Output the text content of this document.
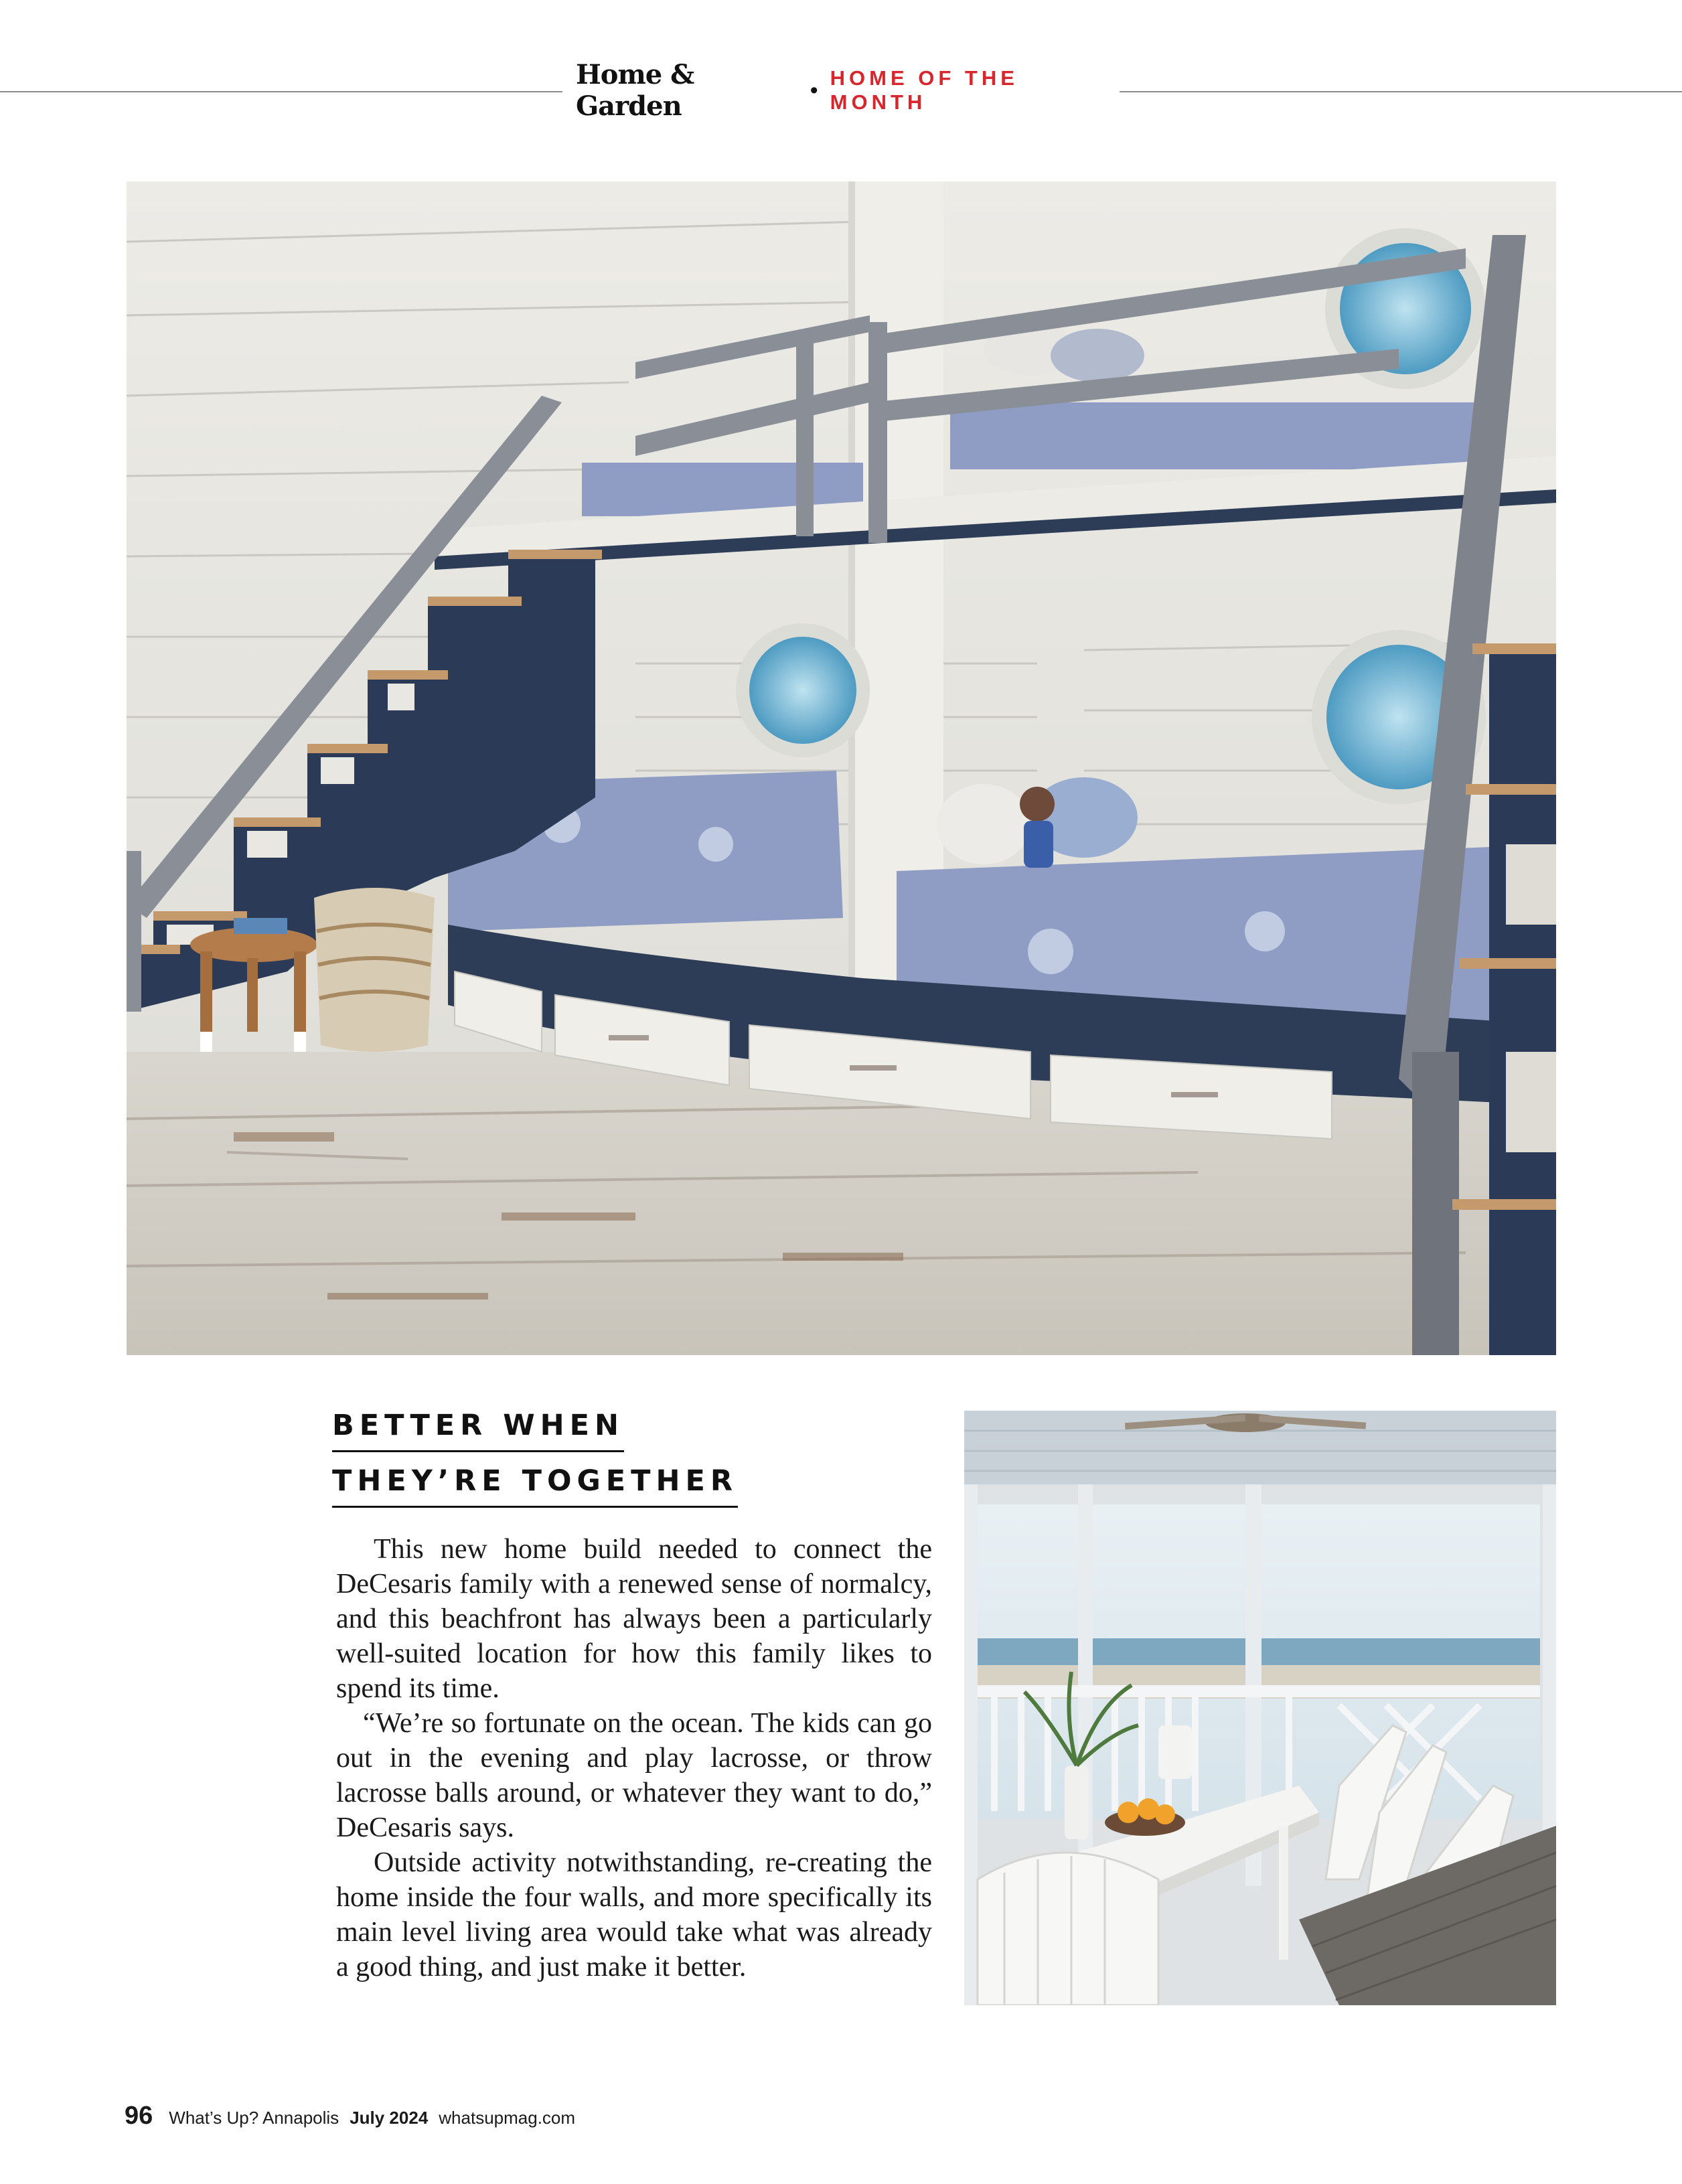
Home & Garden
• HOME OF THE MONTH
BETTER WHEN
THEY’RE TOGETHER

This new home build needed to connect the DeCesaris family with a renewed sense of normalcy, and this beachfront has always been a particularly well-suited location for how this family likes to spend its time.

“We’re so fortunate on the ocean. The kids can go out in the evening and play lacrosse, or throw lacrosse balls around, or whatever they want to do,” DeCesaris says.

Outside activity notwithstanding, re-creating the home inside the four walls, and more specifically its main level living area would take what was already a good thing, and just make it better.

96 What’s Up? Annapolis July 2024 whatsupmag.com
